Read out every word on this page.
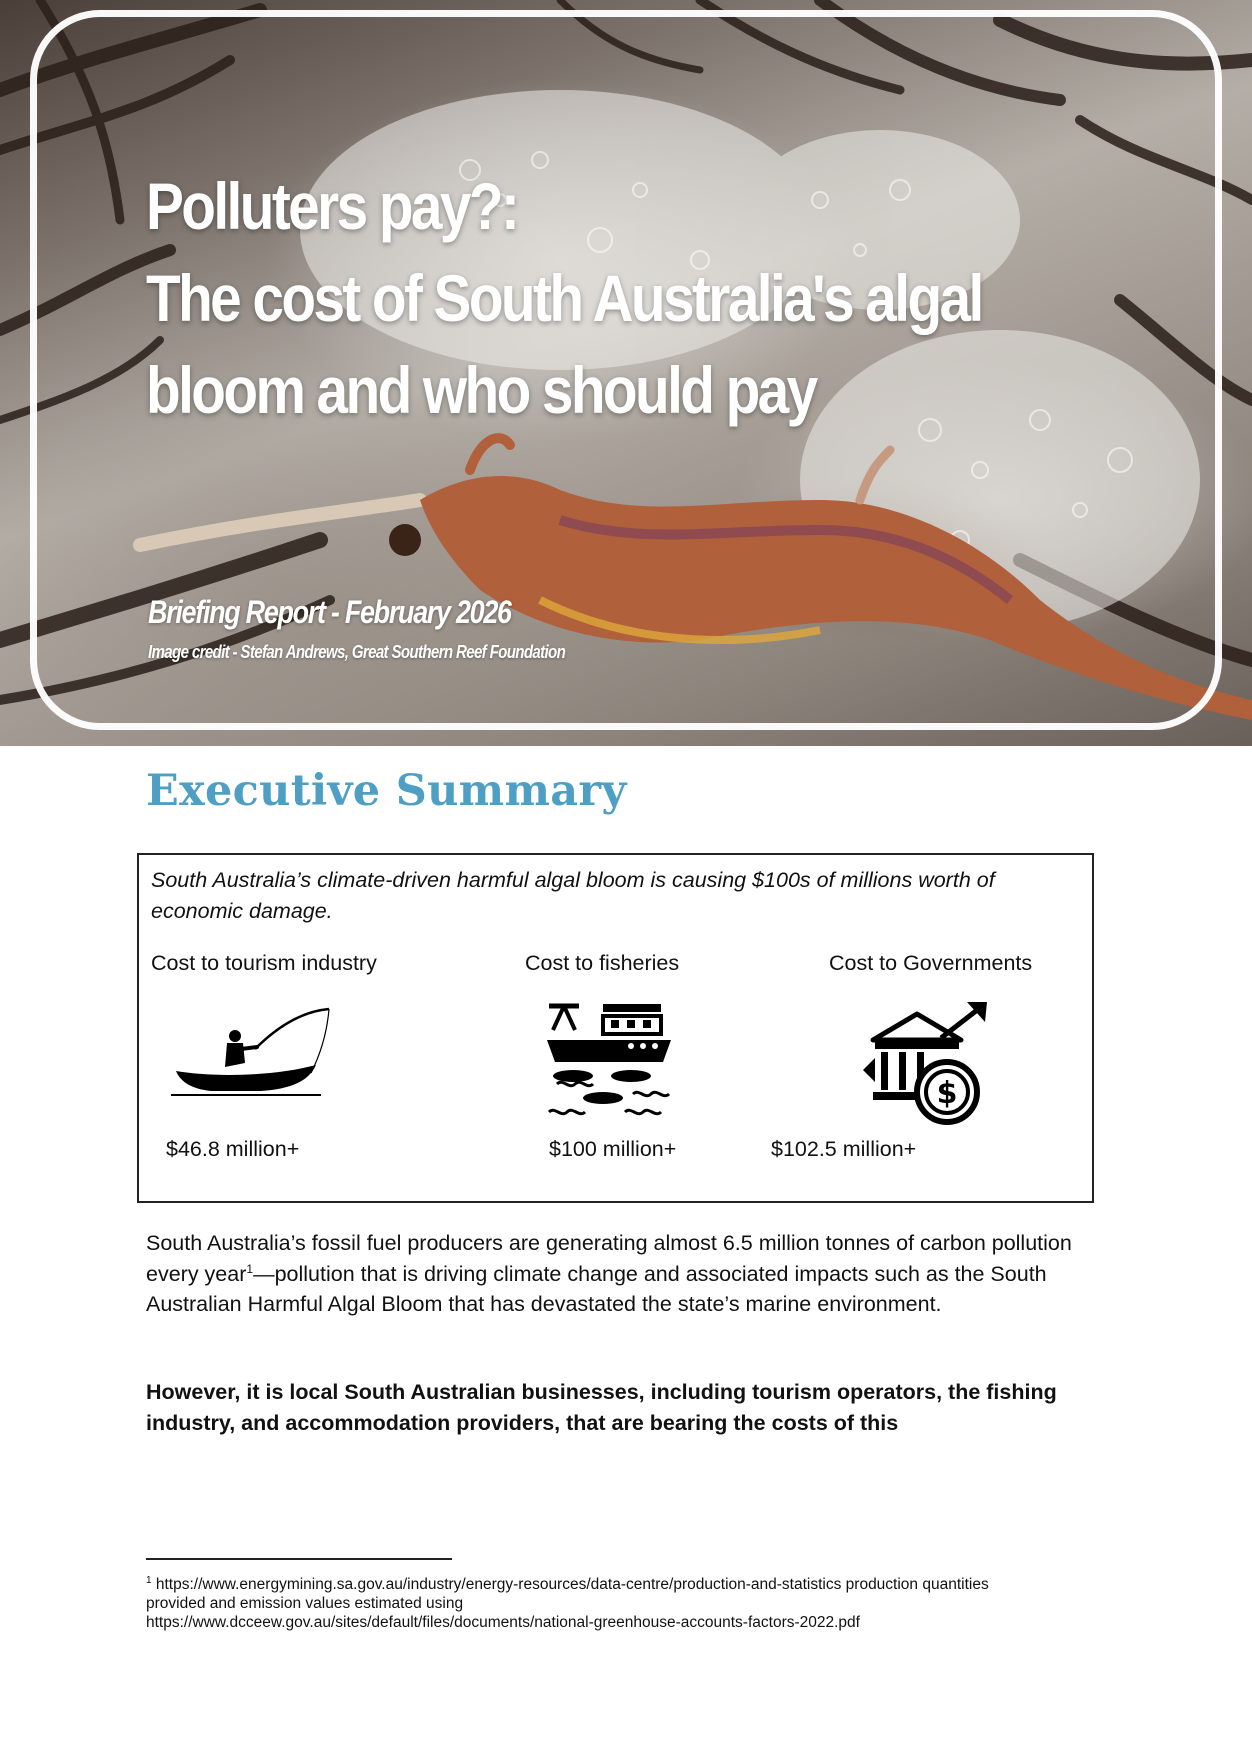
Polluters pay?:
The cost of South Australia's algal
bloom and who should pay
Briefing Report - February 2026
Image credit - Stefan Andrews, Great Southern Reef Foundation
Executive Summary

South Australia’s climate-driven harmful algal bloom is causing $100s of millions worth of economic damage.

Cost to tourism industry
$46.8 million+
Cost to fisheries
$100 million+
Cost to Governments
$
$102.5 million+

South Australia’s fossil fuel producers are generating almost 6.5 million tonnes of carbon pollution every year$^1$—pollution that is driving climate change and associated impacts such as the South Australian Harmful Algal Bloom that has devastated the state’s marine environment.

However, it is local South Australian businesses, including tourism operators, the fishing industry, and accommodation providers, that are bearing the costs of this

$^1$ https://www.energymining.sa.gov.au/industry/energy-resources/data-centre/production-and-statistics production quantities
provided and emission values estimated using
https://www.dcceew.gov.au/sites/default/files/documents/national-greenhouse-accounts-factors-2022.pdf
